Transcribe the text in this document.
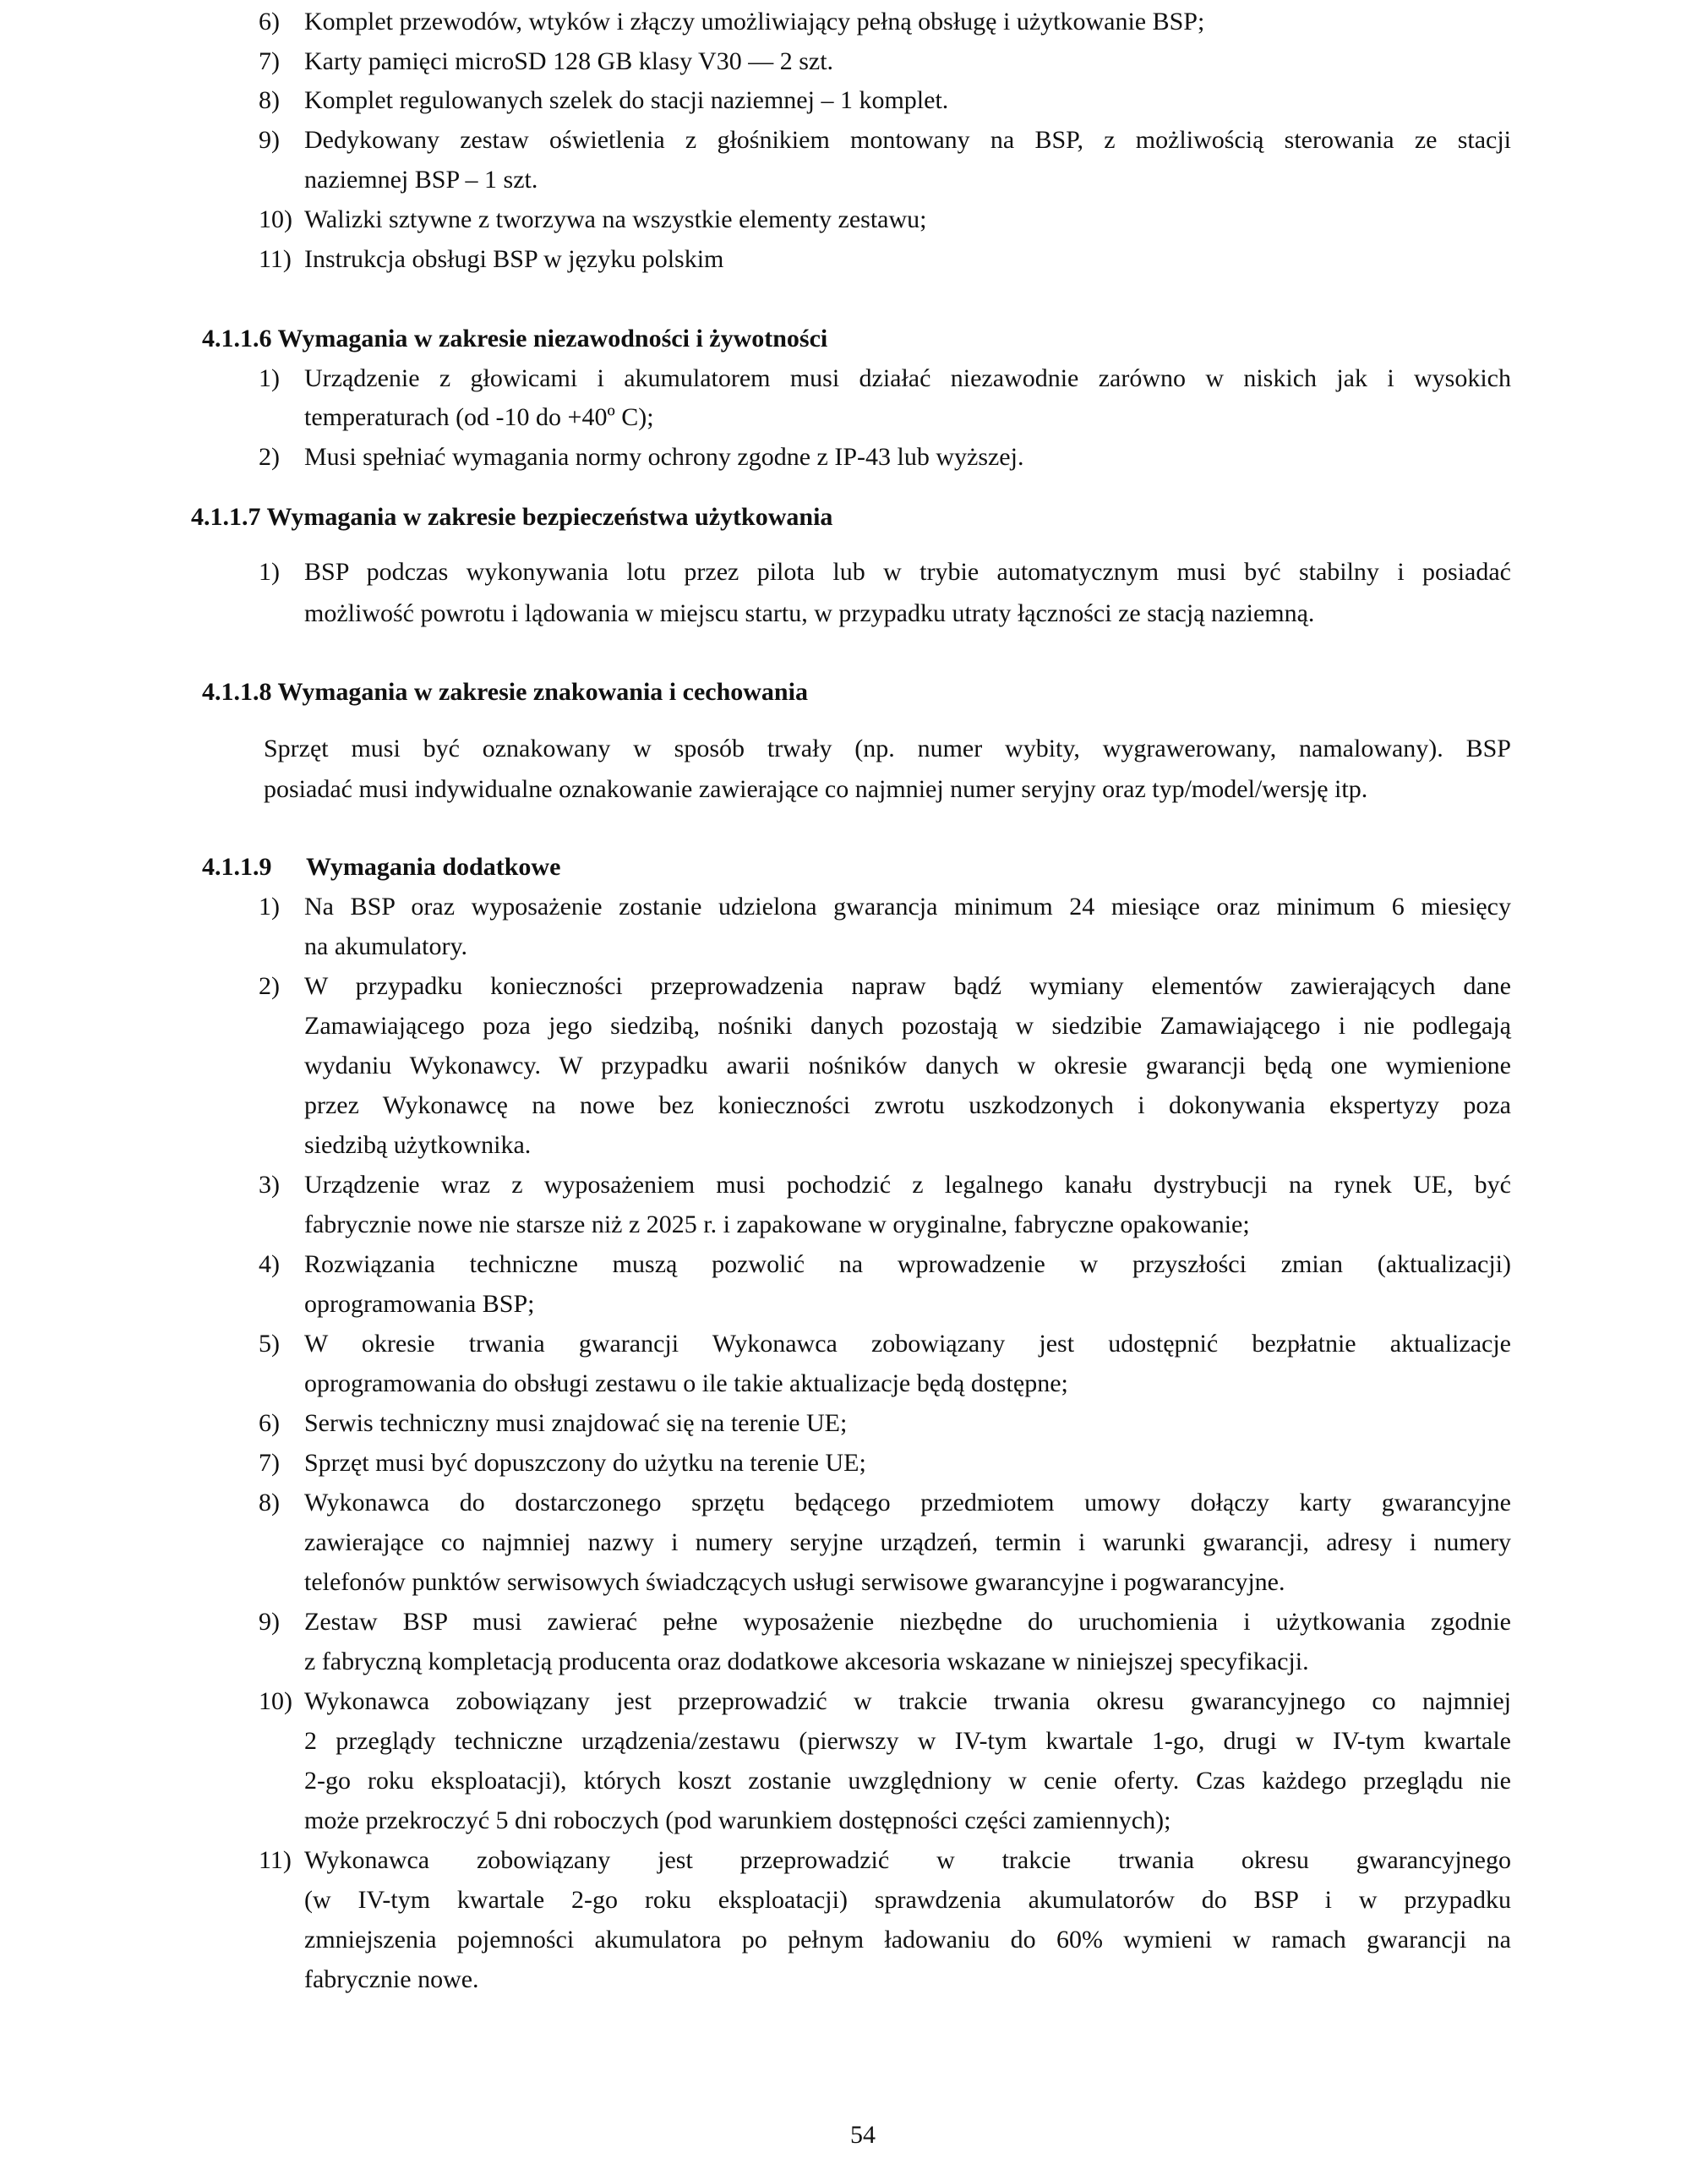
6) Komplet przewodów, wtyków i złączy umożliwiający pełną obsługę i użytkowanie BSP;
7) Karty pamięci microSD 128 GB klasy V30 — 2 szt.
8) Komplet regulowanych szelek do stacji naziemnej – 1 komplet.
9) Dedykowany zestaw oświetlenia z głośnikiem montowany na BSP, z możliwością sterowania ze stacji
naziemnej BSP – 1 szt.
10) Walizki sztywne z tworzywa na wszystkie elementy zestawu;
11) Instrukcja obsługi BSP w języku polskim
4.1.1.6 Wymagania w zakresie niezawodności i żywotności
1) Urządzenie z głowicami i akumulatorem musi działać niezawodnie zarówno w niskich jak i wysokich
temperaturach (od -10 do +40º C);
2) Musi spełniać wymagania normy ochrony zgodne z IP-43 lub wyższej.
4.1.1.7 Wymagania w zakresie bezpieczeństwa użytkowania
1) BSP podczas wykonywania lotu przez pilota lub w trybie automatycznym musi być stabilny i posiadać
możliwość powrotu i lądowania w miejscu startu, w przypadku utraty łączności ze stacją naziemną.
4.1.1.8 Wymagania w zakresie znakowania i cechowania
Sprzęt musi być oznakowany w sposób trwały (np. numer wybity, wygrawerowany, namalowany). BSP
posiadać musi indywidualne oznakowanie zawierające co najmniej numer seryjny oraz typ/model/wersję itp.
4.1.1.9 Wymagania dodatkowe
1) Na BSP oraz wyposażenie zostanie udzielona gwarancja minimum 24 miesiące oraz minimum 6 miesięcy
na akumulatory.
2) W przypadku konieczności przeprowadzenia napraw bądź wymiany elementów zawierających dane
Zamawiającego poza jego siedzibą, nośniki danych pozostają w siedzibie Zamawiającego i nie podlegają
wydaniu Wykonawcy. W przypadku awarii nośników danych w okresie gwarancji będą one wymienione
przez Wykonawcę na nowe bez konieczności zwrotu uszkodzonych i dokonywania ekspertyzy poza
siedzibą użytkownika.
3) Urządzenie wraz z wyposażeniem musi pochodzić z legalnego kanału dystrybucji na rynek UE, być
fabrycznie nowe nie starsze niż z 2025 r. i zapakowane w oryginalne, fabryczne opakowanie;
4) Rozwiązania techniczne muszą pozwolić na wprowadzenie w przyszłości zmian (aktualizacji)
oprogramowania BSP;
5) W okresie trwania gwarancji Wykonawca zobowiązany jest udostępnić bezpłatnie aktualizacje
oprogramowania do obsługi zestawu o ile takie aktualizacje będą dostępne;
6) Serwis techniczny musi znajdować się na terenie UE;
7) Sprzęt musi być dopuszczony do użytku na terenie UE;
8) Wykonawca do dostarczonego sprzętu będącego przedmiotem umowy dołączy karty gwarancyjne
zawierające co najmniej nazwy i numery seryjne urządzeń, termin i warunki gwarancji, adresy i numery
telefonów punktów serwisowych świadczących usługi serwisowe gwarancyjne i pogwarancyjne.
9) Zestaw BSP musi zawierać pełne wyposażenie niezbędne do uruchomienia i użytkowania zgodnie
z fabryczną kompletacją producenta oraz dodatkowe akcesoria wskazane w niniejszej specyfikacji.
10) Wykonawca zobowiązany jest przeprowadzić w trakcie trwania okresu gwarancyjnego co najmniej
2 przeglądy techniczne urządzenia/zestawu (pierwszy w IV-tym kwartale 1-go, drugi w IV-tym kwartale
2-go roku eksploatacji), których koszt zostanie uwzględniony w cenie oferty. Czas każdego przeglądu nie
może przekroczyć 5 dni roboczych (pod warunkiem dostępności części zamiennych);
11) Wykonawca zobowiązany jest przeprowadzić w trakcie trwania okresu gwarancyjnego
(w IV-tym kwartale 2-go roku eksploatacji) sprawdzenia akumulatorów do BSP i w przypadku
zmniejszenia pojemności akumulatora po pełnym ładowaniu do 60% wymieni w ramach gwarancji na
fabrycznie nowe.
54
